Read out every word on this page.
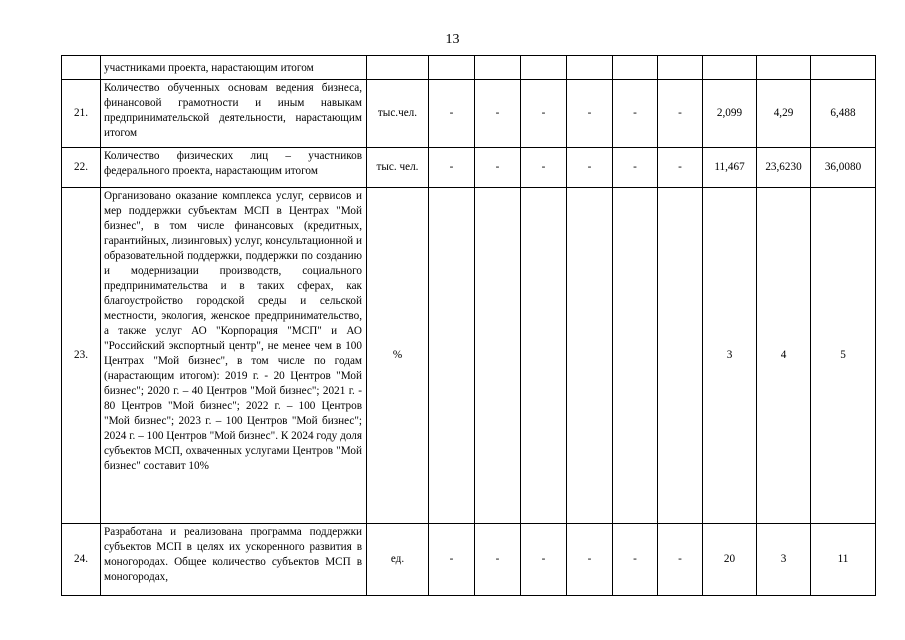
13
	участниками проекта, нарастающим итогом										
21.	Количество обученных основам ведения бизнеса, финансовой грамотности и иным навыкам предпринимательской деятельности, нарастающим итогом	тыс.чел.	-	-	-	-	-	-	2,099	4,29	6,488
22.	Количество физических лиц – участников федерального проекта, нарастающим итогом	тыс. чел.	-	-	-	-	-	-	11,467	23,6230	36,0080
23.	Организовано оказание комплекса услуг, сервисов и мер поддержки субъектам МСП в Центрах "Мой бизнес", в том числе финансовых (кредитных, гарантийных, лизинговых) услуг, консультационной и образовательной поддержки, поддержки по созданию и модернизации производств, социального предпринимательства и в таких сферах, как благоустройство городской среды и сельской местности, экология, женское предпринимательство, а также услуг АО "Корпорация "МСП" и АО "Российский экспортный центр", не менее чем в 100 Центрах "Мой бизнес", в том числе по годам (нарастающим итогом): 2019 г. - 20 Центров "Мой бизнес"; 2020 г. – 40 Центров "Мой бизнес"; 2021 г. - 80 Центров "Мой бизнес"; 2022 г. – 100 Центров "Мой бизнес"; 2023 г. – 100 Центров "Мой бизнес"; 2024 г. – 100 Центров "Мой бизнес". К 2024 году доля субъектов МСП, охваченных услугами Центров "Мой бизнес" составит 10%	%							3	4	5
24.	Разработана и реализована программа поддержки субъектов МСП в целях их ускоренного развития в моногородах. Общее количество субъектов МСП в моногородах,	ед.	-	-	-	-	-	-	20	3	11
